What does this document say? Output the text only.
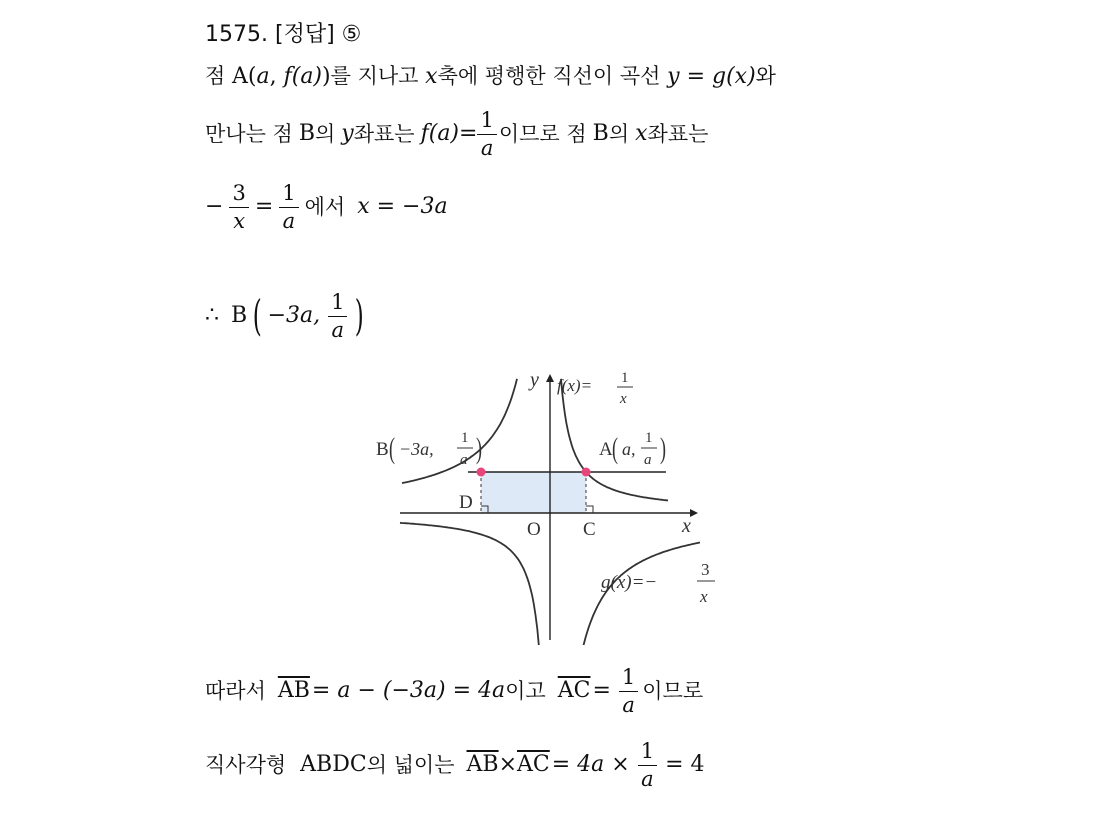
1575. [정답] ⑤
점 A(a, f(a))를 지나고 x축에 평행한 직선이 곡선 y = g(x)와
만나는 점 B 의 y 좌표는 $f(a)= \frac{1}{a}$ 이므로 점 B 의 x 좌표는
− $\frac{3}{x} = \frac{1}{a}$ 에서 x = −3a
∴ B ( −3a, $\frac{1}{a}$ )
y
x
O C
D
f(x)= 1
x
g(x)=−
3
x
A ( a,
1
a )
B ( −3a,
1
a )
따라서 $\overline{AB} = a - (-3a) = 4a$ 이고 $\overline{AC} = \frac{1}{a}$ 이므로
직사각형 ABDC 의 넓이는 $\overline{AB} \times \overline{AC} = 4a \times \frac{1}{a} = 4$
